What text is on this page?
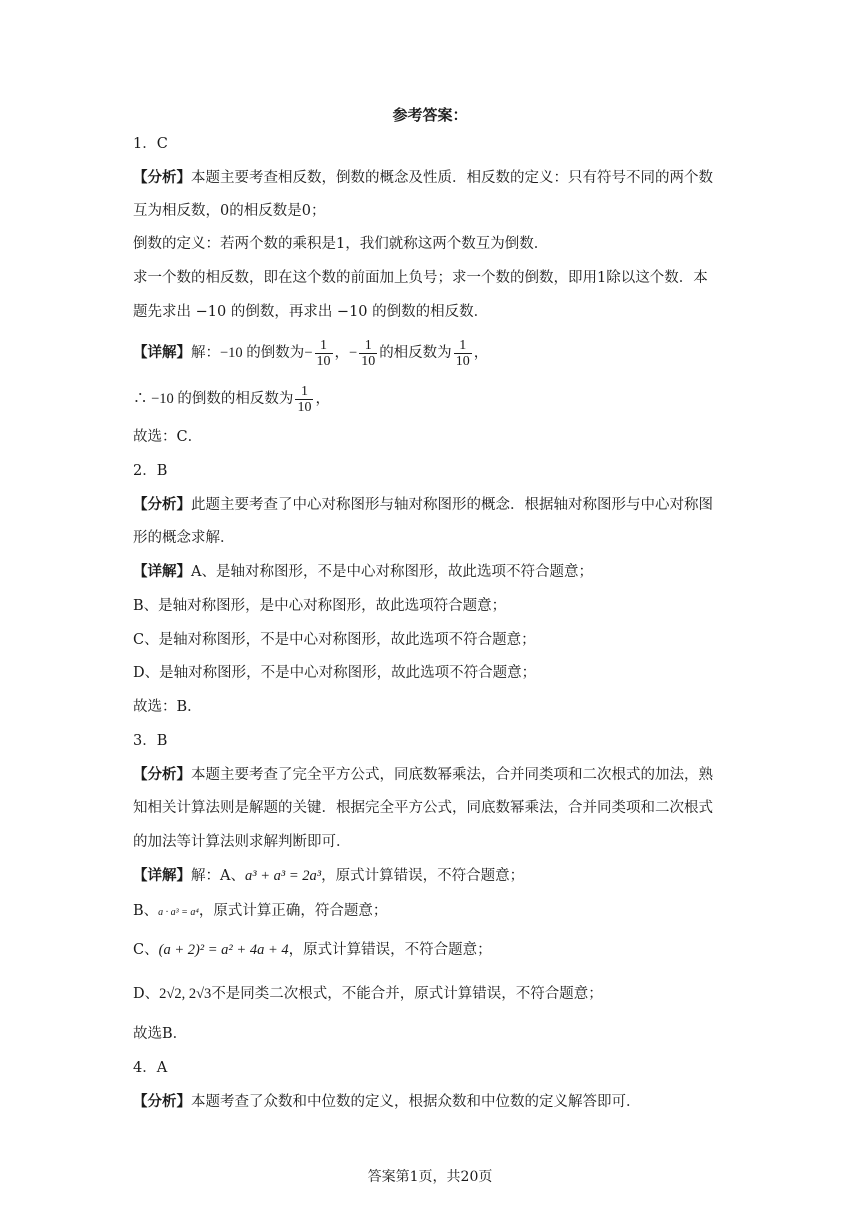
参考答案：
1．C
【分析】本题主要考查相反数，倒数的概念及性质．相反数的定义：只有符号不同的两个数
互为相反数，0的相反数是0；
倒数的定义：若两个数的乘积是1，我们就称这两个数互为倒数．
求一个数的相反数，即在这个数的前面加上负号；求一个数的倒数，即用1除以这个数．本
题先求出 −10 的倒数，再求出 −10 的倒数的相反数．
【详解】解：−10 的倒数为− $\frac{1}{10}$ ，− $\frac{1}{10}$ 的相反数为 $\frac{1}{10}$ ，
∴ −10 的倒数的相反数为 $\frac{1}{10}$ ，
故选：C．
2．B
【分析】此题主要考查了中心对称图形与轴对称图形的概念．根据轴对称图形与中心对称图
形的概念求解．
【详解】A、是轴对称图形，不是中心对称图形，故此选项不符合题意；
B、是轴对称图形，是中心对称图形，故此选项符合题意；
C、是轴对称图形，不是中心对称图形，故此选项不符合题意；
D、是轴对称图形，不是中心对称图形，故此选项不符合题意；
故选：B．
3．B
【分析】本题主要考查了完全平方公式，同底数幂乘法，合并同类项和二次根式的加法，熟
知相关计算法则是解题的关键．根据完全平方公式，同底数幂乘法，合并同类项和二次根式
的加法等计算法则求解判断即可．
【详解】解：A、a³ + a³ = 2a³，原式计算错误，不符合题意；
B、a · a³ = a⁴，原式计算正确，符合题意；
C、(a + 2)² = a² + 4a + 4，原式计算错误，不符合题意；
D、2√2, 2√3不是同类二次根式，不能合并，原式计算错误，不符合题意；
故选B．
4．A
【分析】本题考查了众数和中位数的定义，根据众数和中位数的定义解答即可．
答案第1页，共20页
